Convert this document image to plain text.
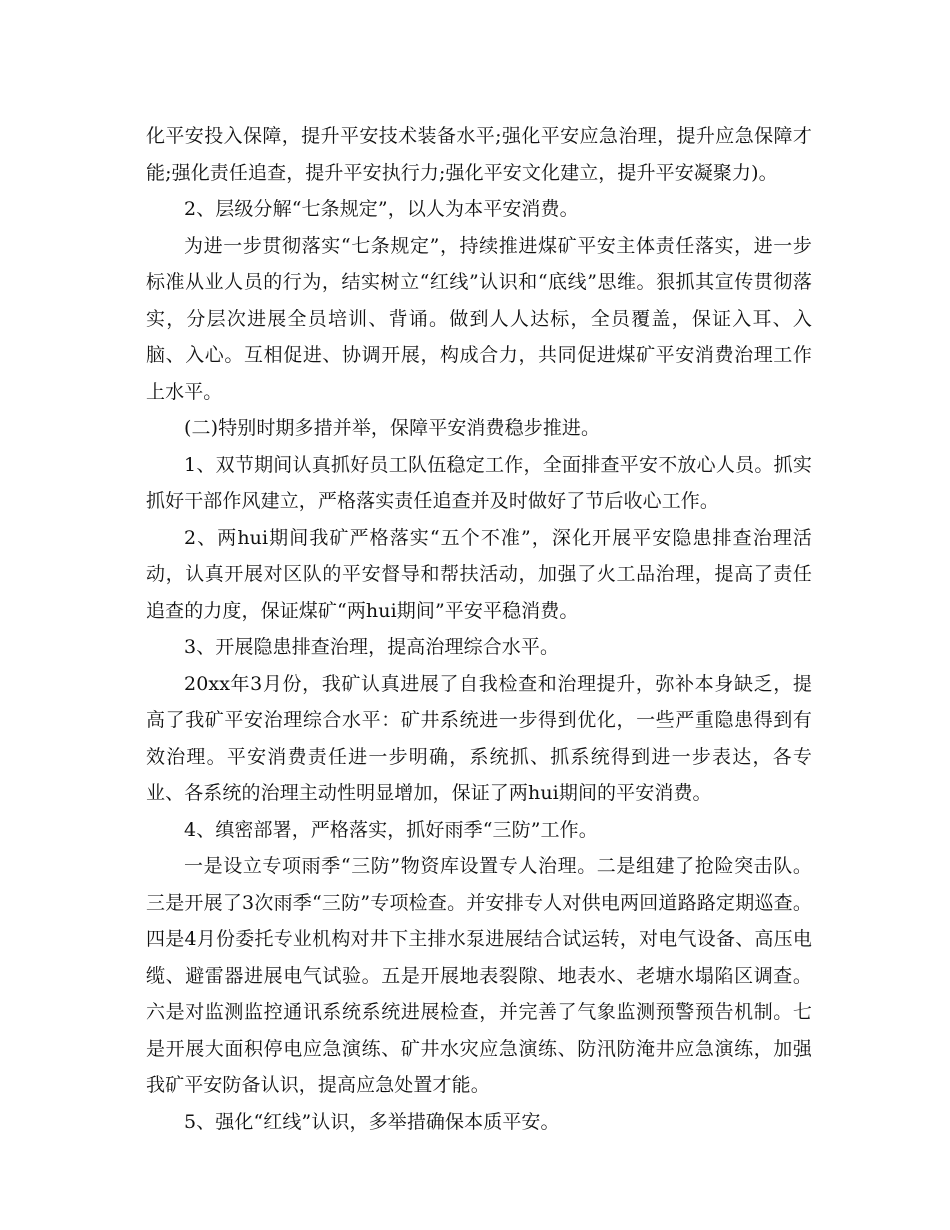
化平安投入保障，提升平安技术装备水平;强化平安应急治理，提升应急保障才能;强化责任追查，提升平安执行力;强化平安文化建立，提升平安凝聚力)。

2、层级分解“七条规定”，以人为本平安消费。

为进一步贯彻落实“七条规定”，持续推进煤矿平安主体责任落实，进一步标准从业人员的行为，结实树立“红线”认识和“底线”思维。狠抓其宣传贯彻落实，分层次进展全员培训、背诵。做到人人达标，全员覆盖，保证入耳、入脑、入心。互相促进、协调开展，构成合力，共同促进煤矿平安消费治理工作上水平。

(二)特别时期多措并举，保障平安消费稳步推进。

1、双节期间认真抓好员工队伍稳定工作，全面排查平安不放心人员。抓实抓好干部作风建立，严格落实责任追查并及时做好了节后收心工作。

2、两hui期间我矿严格落实“五个不准”，深化开展平安隐患排查治理活动，认真开展对区队的平安督导和帮扶活动，加强了火工品治理，提高了责任追查的力度，保证煤矿“两hui期间”平安平稳消费。

3、开展隐患排查治理，提高治理综合水平。

20xx年3月份，我矿认真进展了自我检查和治理提升，弥补本身缺乏，提高了我矿平安治理综合水平：矿井系统进一步得到优化，一些严重隐患得到有效治理。平安消费责任进一步明确，系统抓、抓系统得到进一步表达，各专业、各系统的治理主动性明显增加，保证了两hui期间的平安消费。

4、缜密部署，严格落实，抓好雨季“三防”工作。

一是设立专项雨季“三防”物资库设置专人治理。二是组建了抢险突击队。三是开展了3次雨季“三防”专项检查。并安排专人对供电两回道路路定期巡查。四是4月份委托专业机构对井下主排水泵进展结合试运转，对电气设备、高压电缆、避雷器进展电气试验。五是开展地表裂隙、地表水、老塘水塌陷区调查。六是对监测监控通讯系统系统进展检查，并完善了气象监测预警预告机制。七是开展大面积停电应急演练、矿井水灾应急演练、防汛防淹井应急演练，加强我矿平安防备认识，提高应急处置才能。

5、强化“红线”认识，多举措确保本质平安。
